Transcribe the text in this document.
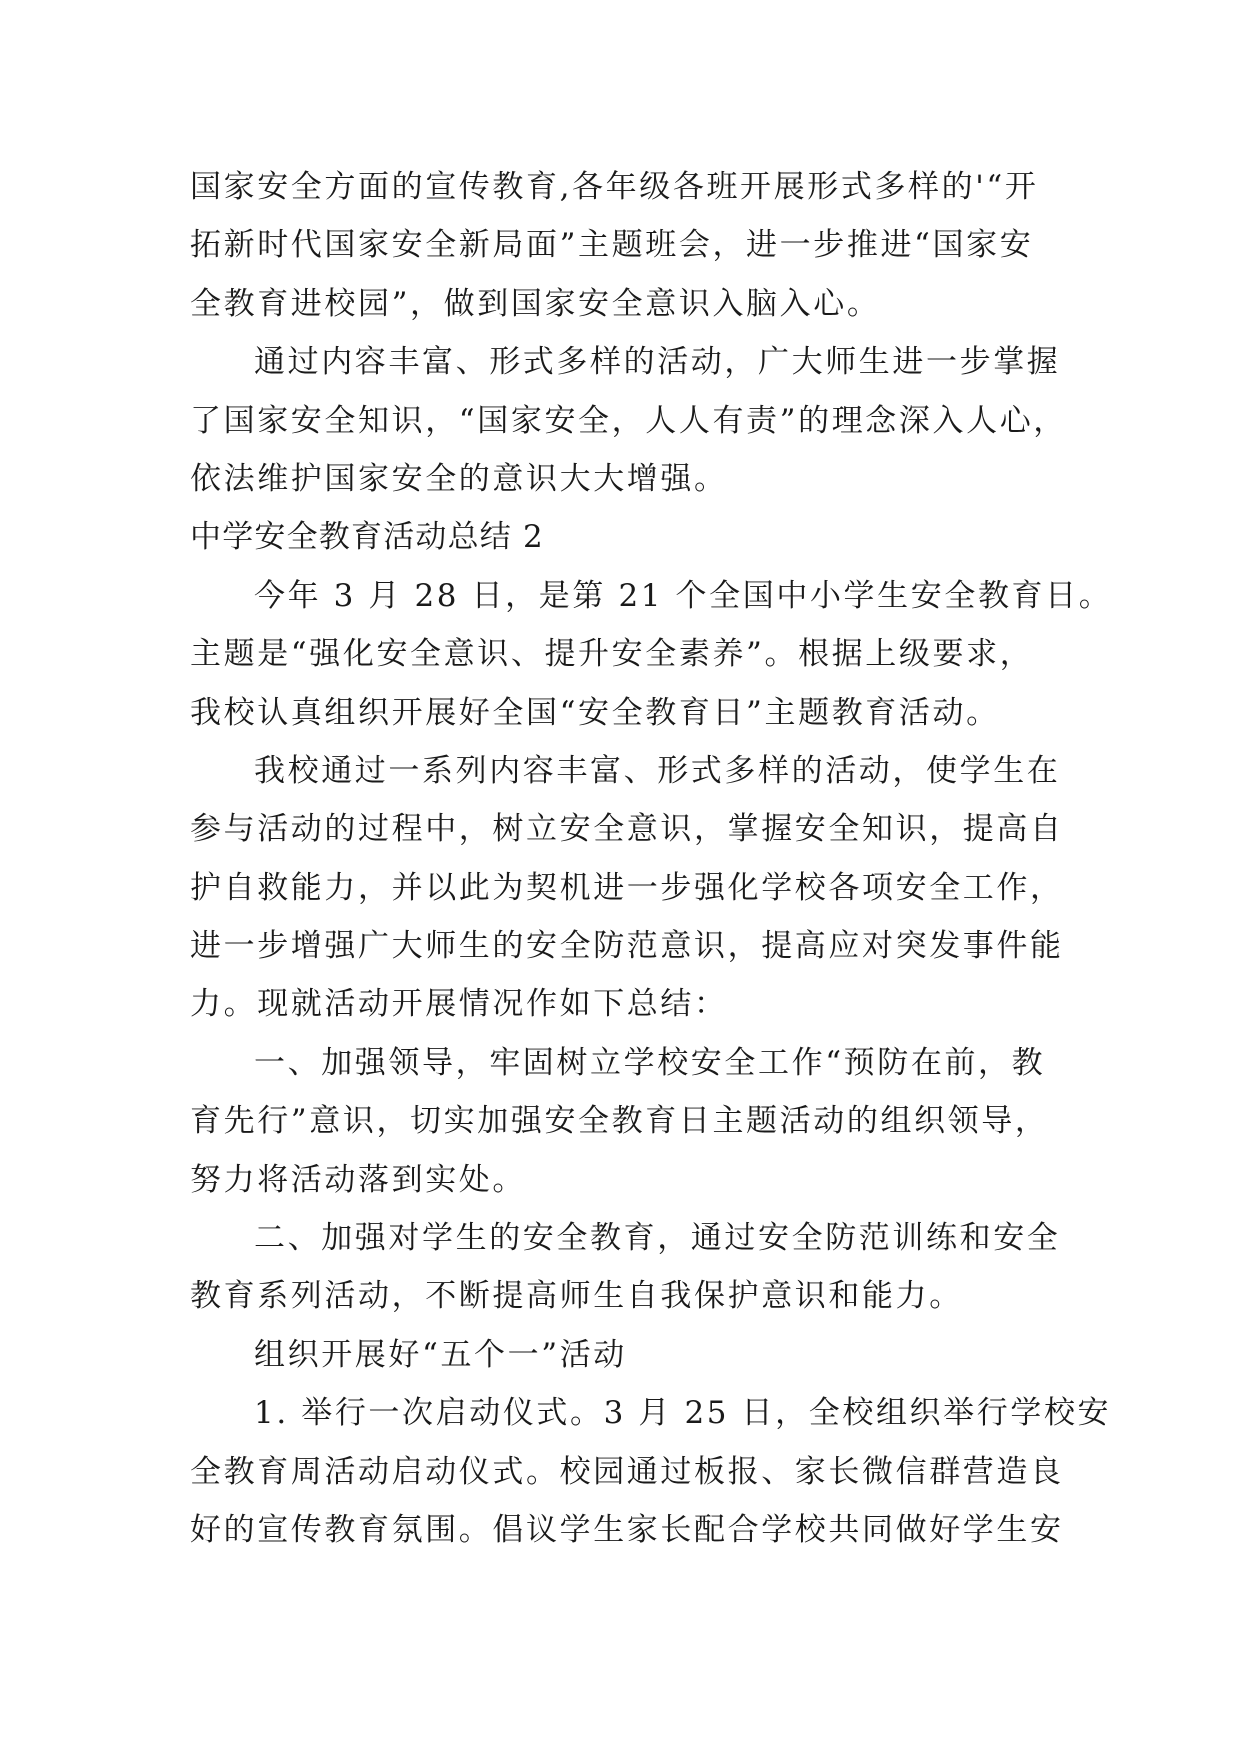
国家安全方面的宣传教育,各年级各班开展形式多样的'“开
拓新时代国家安全新局面”主题班会，进一步推进“国家安
全教育进校园”，做到国家安全意识入脑入心。
通过内容丰富、形式多样的活动，广大师生进一步掌握
了国家安全知识，“国家安全，人人有责”的理念深入人心，
依法维护国家安全的意识大大增强。
中学安全教育活动总结 2
今年 3 月 28 日，是第 21 个全国中小学生安全教育日。
主题是“强化安全意识、提升安全素养”。根据上级要求，
我校认真组织开展好全国“安全教育日”主题教育活动。
我校通过一系列内容丰富、形式多样的活动，使学生在
参与活动的过程中，树立安全意识，掌握安全知识，提高自
护自救能力，并以此为契机进一步强化学校各项安全工作，
进一步增强广大师生的安全防范意识，提高应对突发事件能
力。现就活动开展情况作如下总结：
一、加强领导，牢固树立学校安全工作“预防在前，教
育先行”意识，切实加强安全教育日主题活动的组织领导，
努力将活动落到实处。
二、加强对学生的安全教育，通过安全防范训练和安全
教育系列活动，不断提高师生自我保护意识和能力。
组织开展好“五个一”活动
1. 举行一次启动仪式。3 月 25 日，全校组织举行学校安
全教育周活动启动仪式。校园通过板报、家长微信群营造良
好的宣传教育氛围。倡议学生家长配合学校共同做好学生安
